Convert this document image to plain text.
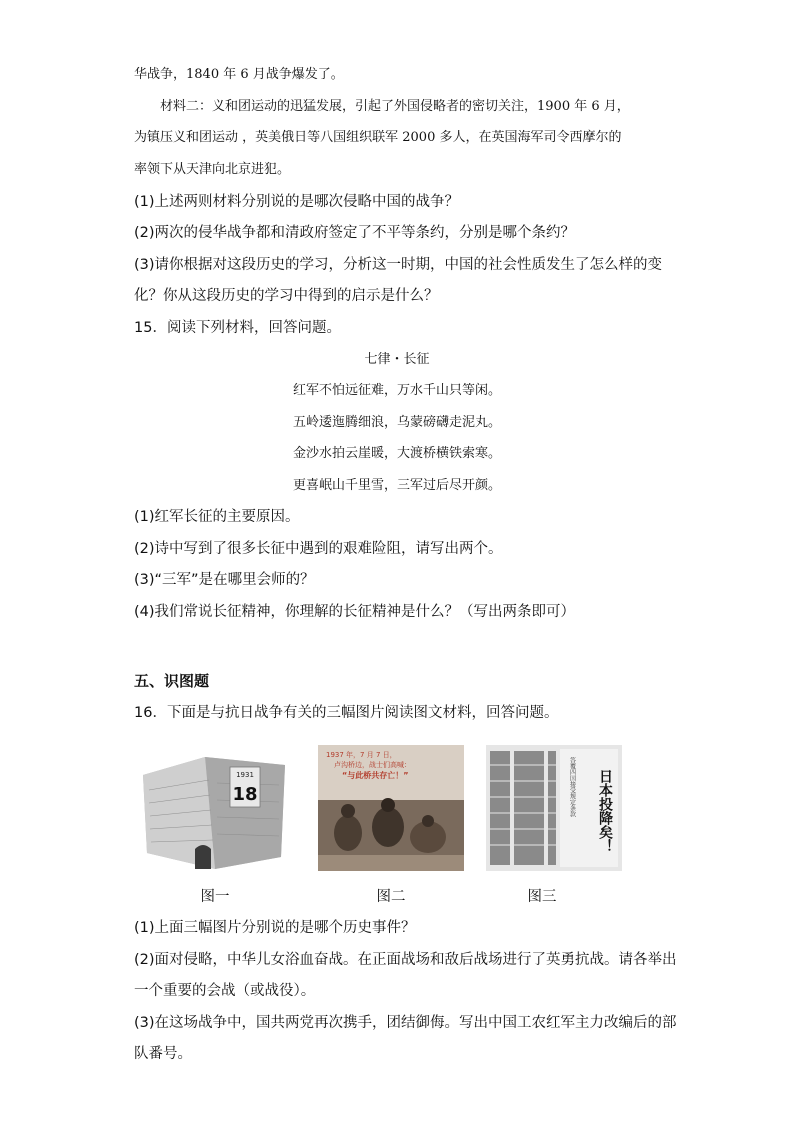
华战争，1840 年 6 月战争爆发了。
材料二：义和团运动的迅猛发展，引起了外国侵略者的密切关注，1900 年 6 月，
为镇压义和团运动 ，英美俄日等八国组织联军 2000 多人，在英国海军司令西摩尔的
率领下从天津向北京进犯。
(1)上述两则材料分别说的是哪次侵略中国的战争？
(2)两次的侵华战争都和清政府签定了不平等条约，分别是哪个条约？
(3)请你根据对这段历史的学习，分析这一时期，中国的社会性质发生了怎么样的变
化？你从这段历史的学习中得到的启示是什么？
15．阅读下列材料，回答问题。
七律・长征
红军不怕远征难，万水千山只等闲。
五岭逶迤腾细浪，乌蒙磅礴走泥丸。
金沙水拍云崖暖，大渡桥横铁索寒。
更喜岷山千里雪，三军过后尽开颜。
(1)红军长征的主要原因。
(2)诗中写到了很多长征中遇到的艰难险阻，请写出两个。
(3)“三军”是在哪里会师的？
(4)我们常说长征精神，你理解的长征精神是什么？（写出两条即可）
五、识图题
16．下面是与抗日战争有关的三幅图片阅读图文材料，回答问题。
1931
18
1937 年，7 月 7 日，
卢沟桥边，战士们高喊：
“与此桥共存亡！”	日本投降矣！
答覆四国接受规定条款
图一	图二	图三
(1)上面三幅图片分别说的是哪个历史事件？
(2)面对侵略，中华儿女浴血奋战。在正面战场和敌后战场进行了英勇抗战。请各举出
一个重要的会战（或战役）。
(3)在这场战争中，国共两党再次携手，团结御侮。写出中国工农红军主力改编后的部
队番号。
